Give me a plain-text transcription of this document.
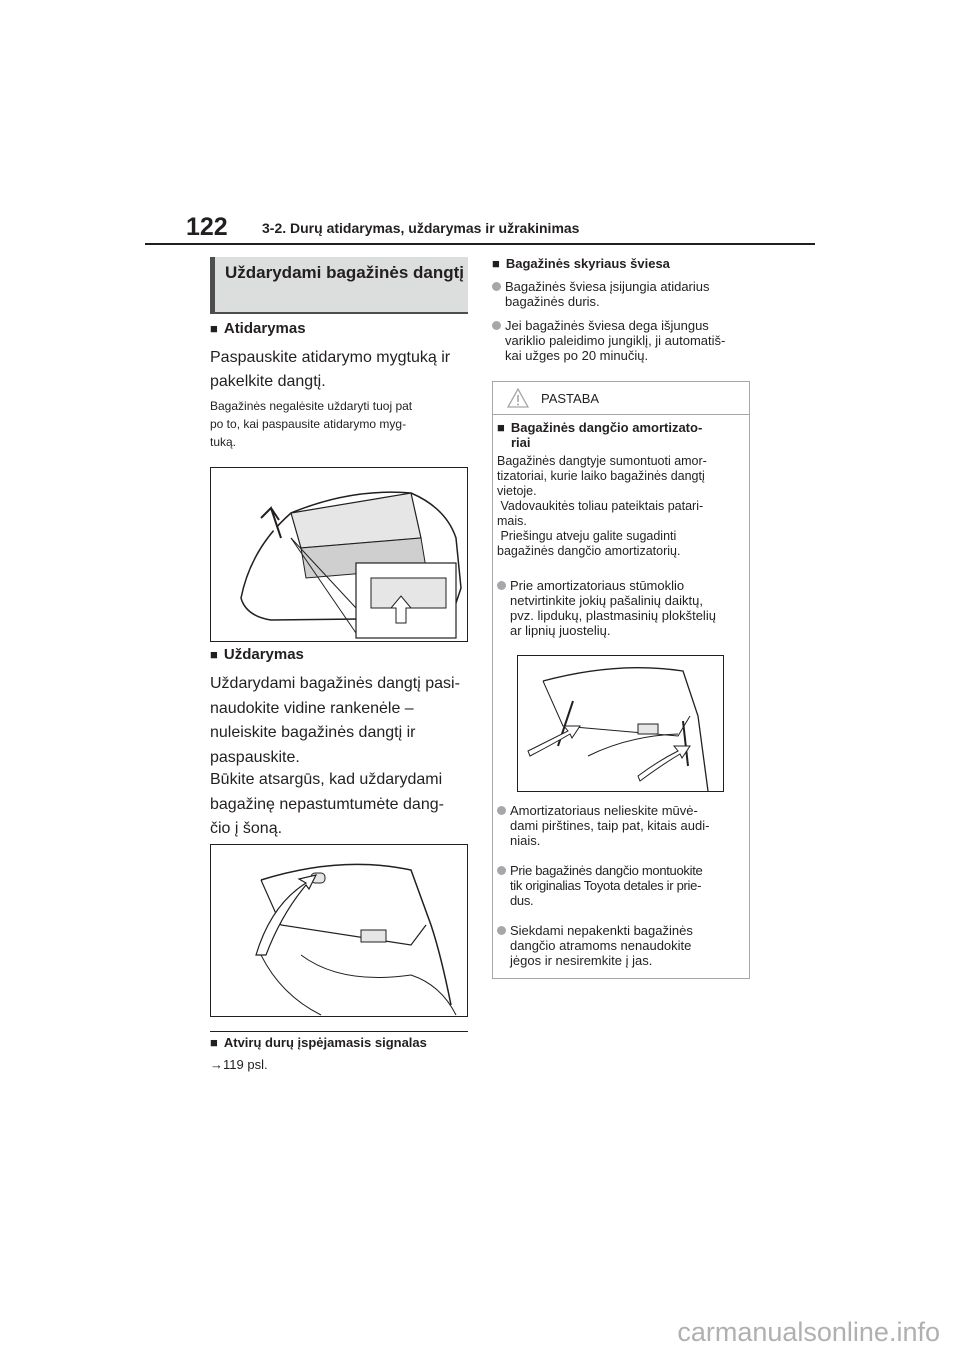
122 3-2. Durų atidarymas, uždarymas ir užrakinimas
Uždarydami bagažinės dangtį
■ Atidarymas
Paspauskite atidarymo mygtuką ir
pakelkite dangtį.
Bagažinės negalėsite uždaryti tuoj pat
po to, kai paspausite atidarymo myg-
tuką.
■ Uždarymas
Uždarydami bagažinės dangtį pasi-
naudokite vidine rankenėle –
nuleiskite bagažinės dangtį ir
paspauskite.
Būkite atsargūs, kad uždarydami
bagažinę nepastumtumėte dang-
čio į šoną.
■ Atvirų durų įspėjamasis signalas
→119 psl.
■ Bagažinės skyriaus šviesa
Bagažinės šviesa įsijungia atidarius
bagažinės duris.
Jei bagažinės šviesa dega išjungus
variklio paleidimo jungiklį, ji automatiš-
kai užges po 20 minučių.
PASTABA
■ Bagažinės dangčio amortizato-
riai
Bagažinės dangtyje sumontuoti amor-
tizatoriai, kurie laiko bagažinės dangtį
vietoje.
Vadovaukitės toliau pateiktais patari-
mais.
Priešingu atveju galite sugadinti
bagažinės dangčio amortizatorių.
Prie amortizatoriaus stūmoklio
netvirtinkite jokių pašalinių daiktų,
pvz. lipdukų, plastmasinių plokštelių
ar lipnių juostelių.
Amortizatoriaus nelieskite mūvė-
dami pirštines, taip pat, kitais audi-
niais.
Prie bagažinės dangčio montuokite
tik originalias Toyota detales ir prie-
dus.
Siekdami nepakenkti bagažinės
dangčio atramoms nenaudokite
jėgos ir nesiremkite į jas.
carmanualsonline.info
